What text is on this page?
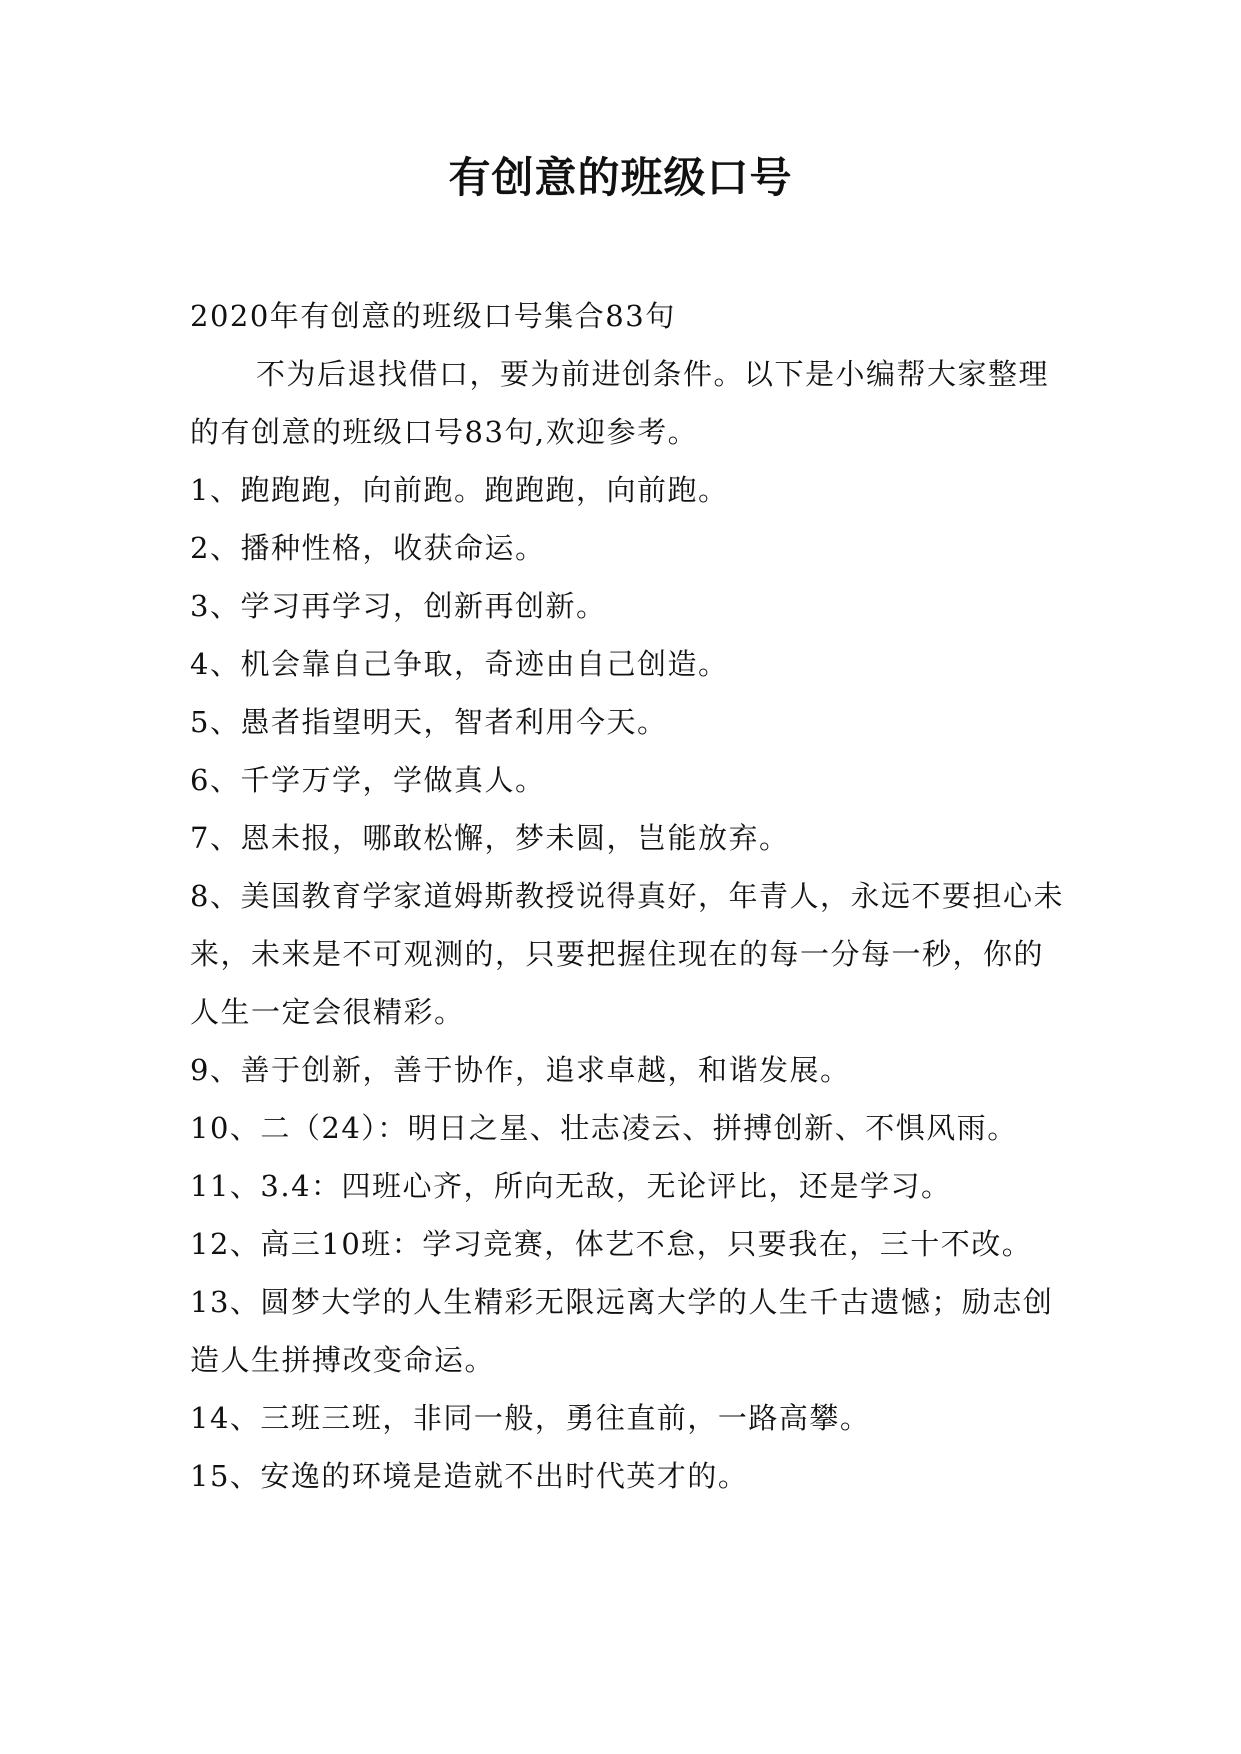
有创意的班级口号

2020年有创意的班级口号集合83句

不为后退找借口，要为前进创条件。以下是小编帮大家整理的有创意的班级口号83句,欢迎参考。

1、跑跑跑，向前跑。跑跑跑，向前跑。

2、播种性格，收获命运。

3、学习再学习，创新再创新。

4、机会靠自己争取，奇迹由自己创造。

5、愚者指望明天，智者利用今天。

6、千学万学，学做真人。

7、恩未报，哪敢松懈，梦未圆，岂能放弃。

8、美国教育学家道姆斯教授说得真好，年青人，永远不要担心未来，未来是不可观测的，只要把握住现在的每一分每一秒，你的人生一定会很精彩。

9、善于创新，善于协作，追求卓越，和谐发展。

10、二（24）：明日之星、壮志凌云、拼搏创新、不惧风雨。

11、3.4：四班心齐，所向无敌，无论评比，还是学习。

12、高三10班：学习竞赛，体艺不怠，只要我在，三十不改。

13、圆梦大学的人生精彩无限远离大学的人生千古遗憾；励志创造人生拼搏改变命运。

14、三班三班，非同一般，勇往直前，一路高攀。

15、安逸的环境是造就不出时代英才的。
